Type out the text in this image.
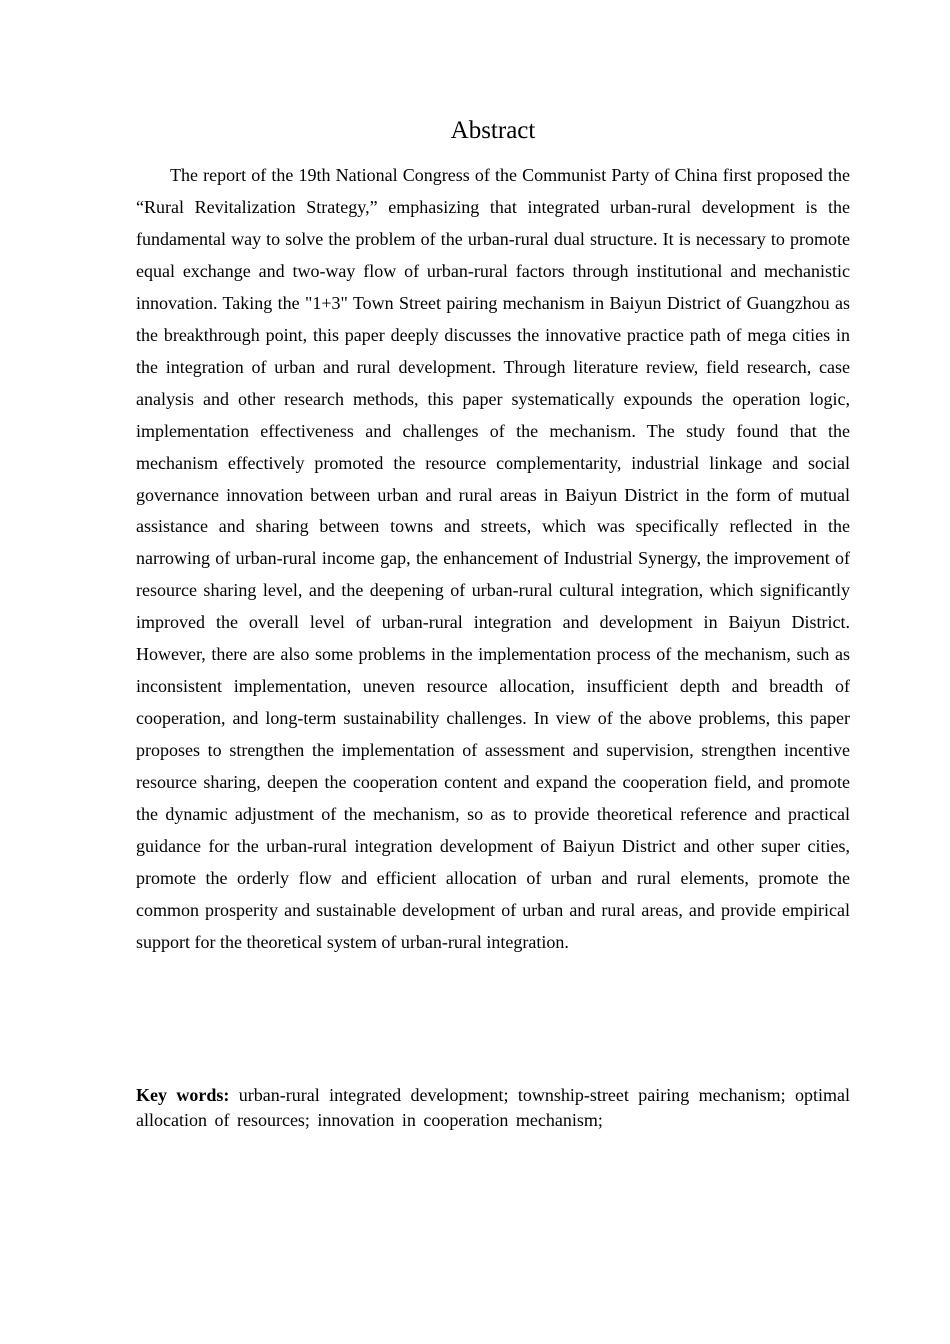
Abstract

The report of the 19th National Congress of the Communist Party of China first proposed the “Rural Revitalization Strategy,” emphasizing that integrated urban-rural development is the fundamental way to solve the problem of the urban-rural dual structure. It is necessary to promote equal exchange and two-way flow of urban-rural factors through institutional and mechanistic innovation. Taking the "1+3" Town Street pairing mechanism in Baiyun District of Guangzhou as the breakthrough point, this paper deeply discusses the innovative practice path of mega cities in the integration of urban and rural development. Through literature review, field research, case analysis and other research methods, this paper systematically expounds the operation logic, implementation effectiveness and challenges of the mechanism. The study found that the mechanism effectively promoted the resource complementarity, industrial linkage and social governance innovation between urban and rural areas in Baiyun District in the form of mutual assistance and sharing between towns and streets, which was specifically reflected in the narrowing of urban-rural income gap, the enhancement of Industrial Synergy, the improvement of resource sharing level, and the deepening of urban-rural cultural integration, which significantly improved the overall level of urban-rural integration and development in Baiyun District. However, there are also some problems in the implementation process of the mechanism, such as inconsistent implementation, uneven resource allocation, insufficient depth and breadth of cooperation, and long-term sustainability challenges. In view of the above problems, this paper proposes to strengthen the implementation of assessment and supervision, strengthen incentive resource sharing, deepen the cooperation content and expand the cooperation field, and promote the dynamic adjustment of the mechanism, so as to provide theoretical reference and practical guidance for the urban-rural integration development of Baiyun District and other super cities, promote the orderly flow and efficient allocation of urban and rural elements, promote the common prosperity and sustainable development of urban and rural areas, and provide empirical support for the theoretical system of urban-rural integration.

Key words: urban-rural integrated development; township-street pairing mechanism; optimal allocation of resources; innovation in cooperation mechanism;
